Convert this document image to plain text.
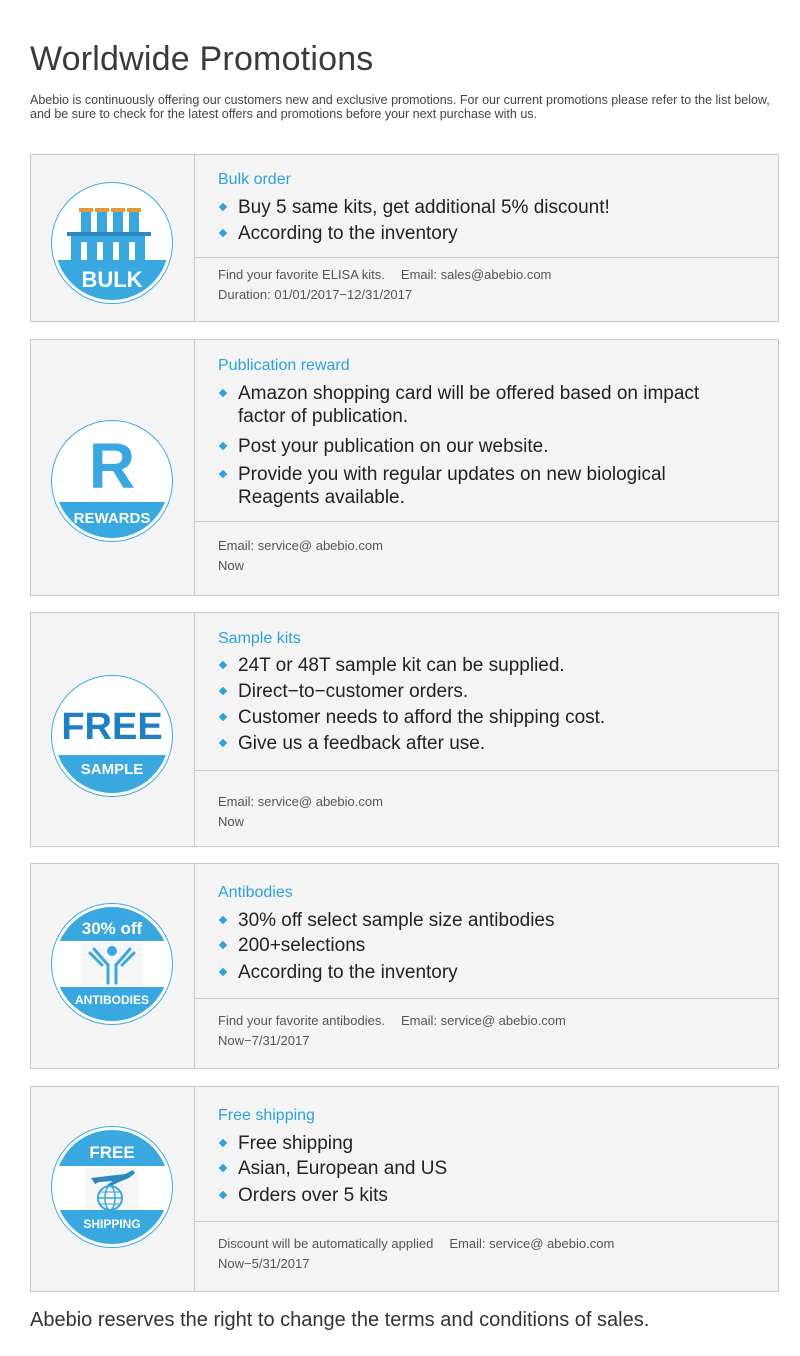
Worldwide Promotions
Abebio is continuously offering our customers new and exclusive promotions. For our current promotions please refer to the list below, and be sure to check for the latest offers and promotions before your next purchase with us.
BULK
Bulk order
Buy 5 same kits, get additional 5% discount!
According to the inventory
Find your favorite ELISA kits. Email: sales@abebio.com
Duration: 01/01/2017−12/31/2017
R
REWARDS
Publication reward
Amazon shopping card will be offered based on impact factor of publication.
Post your publication on our website.
Provide you with regular updates on new biological Reagents available.
Email: service@ abebio.com
Now
FREE
SAMPLE
Sample kits
24T or 48T sample kit can be supplied.
Direct−to−customer orders.
Customer needs to afford the shipping cost.
Give us a feedback after use.
Email: service@ abebio.com
Now
30% off
ANTIBODIES
Antibodies
30% off select sample size antibodies
200+selections
According to the inventory
Find your favorite antibodies. Email: service@ abebio.com
Now−7/31/2017
FREE
SHIPPING
Free shipping
Free shipping
Asian, European and US
Orders over 5 kits
Discount will be automatically applied Email: service@ abebio.com
Now−5/31/2017
Abebio reserves the right to change the terms and conditions of sales.
